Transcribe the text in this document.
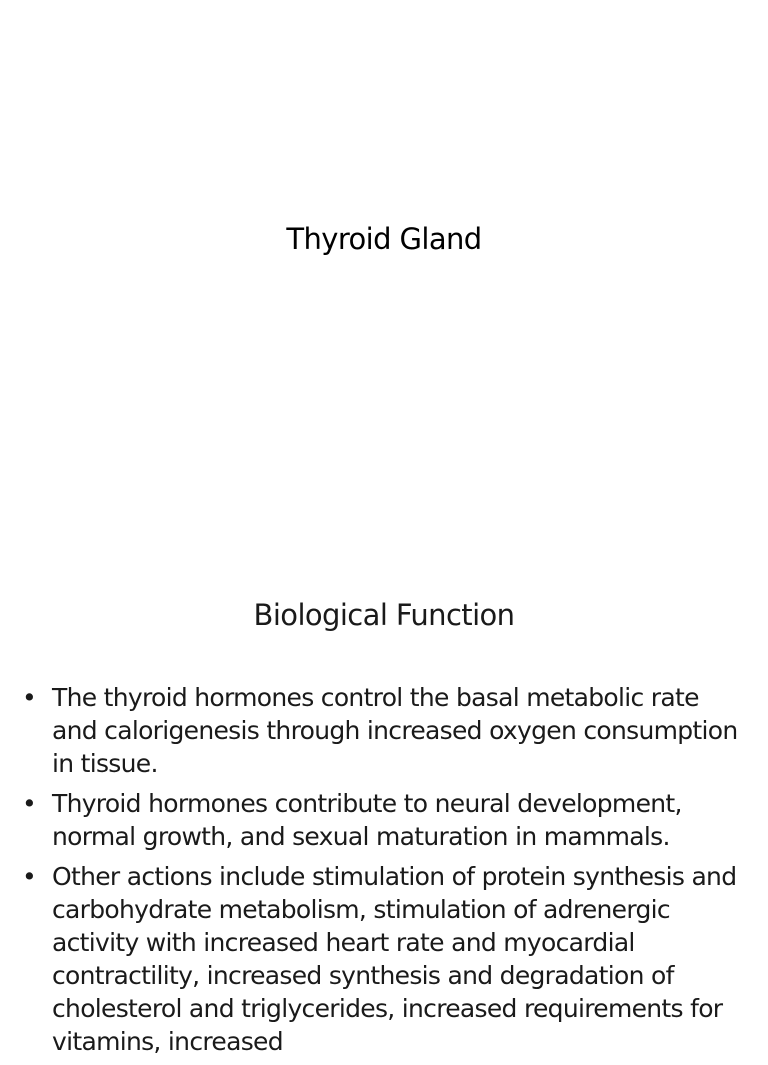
Thyroid Gland
Biological Function
• The thyroid hormones control the basal metabolic rate and calorigenesis through increased oxygen consumption in tissue.
• Thyroid hormones contribute to neural development, normal growth, and sexual maturation in mammals.
• Other actions include stimulation of protein synthesis and carbohydrate metabolism, stimulation of adrenergic activity with increased heart rate and myocardial contractility, increased synthesis and degradation of cholesterol and triglycerides, increased requirements for vitamins, increased
